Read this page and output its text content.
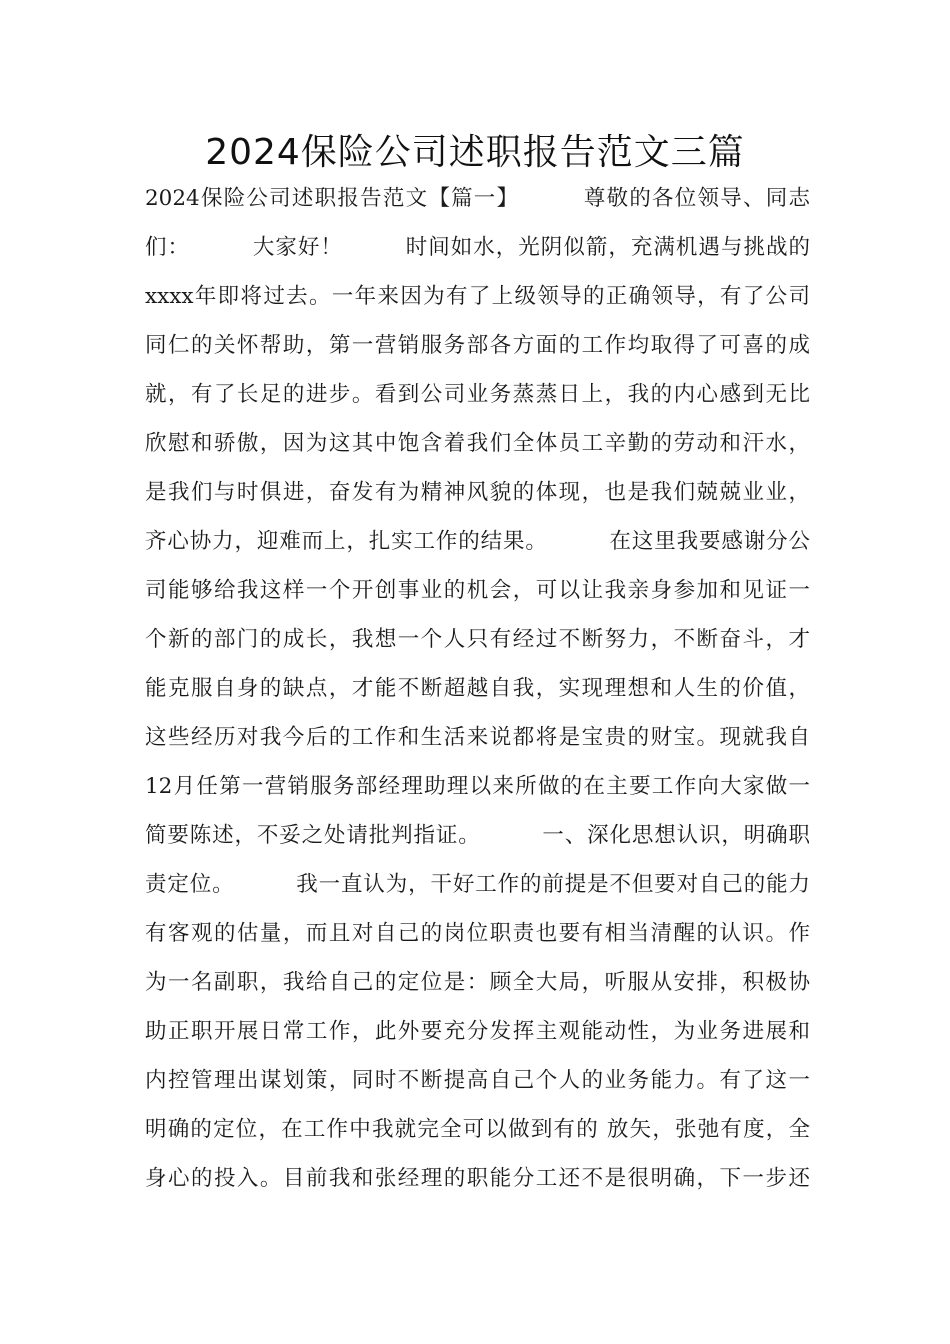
2024保险公司述职报告范文三篇

2024保险公司述职报告范文【篇一】        尊敬的各位领导、同志

们：        大家好！        时间如水，光阴似箭，充满机遇与挑战的

xxxx年即将过去。一年来因为有了上级领导的正确领导，有了公司

同仁的关怀帮助，第一营销服务部各方面的工作均取得了可喜的成

就，有了长足的进步。看到公司业务蒸蒸日上，我的内心感到无比

欣慰和骄傲，因为这其中饱含着我们全体员工辛勤的劳动和汗水，

是我们与时俱进，奋发有为精神风貌的体现，也是我们兢兢业业，

齐心协力，迎难而上，扎实工作的结果。        在这里我要感谢分公

司能够给我这样一个开创事业的机会，可以让我亲身参加和见证一

个新的部门的成长，我想一个人只有经过不断努力，不断奋斗，才

能克服自身的缺点，才能不断超越自我，实现理想和人生的价值，

这些经历对我今后的工作和生活来说都将是宝贵的财宝。现就我自

12月任第一营销服务部经理助理以来所做的在主要工作向大家做一

简要陈述，不妥之处请批判指证。        一、深化思想认识，明确职

责定位。        我一直认为，干好工作的前提是不但要对自己的能力

有客观的估量，而且对自己的岗位职责也要有相当清醒的认识。作

为一名副职，我给自己的定位是：顾全大局，听服从安排，积极协

助正职开展日常工作，此外要充分发挥主观能动性，为业务进展和

内控管理出谋划策，同时不断提高自己个人的业务能力。有了这一

明确的定位，在工作中我就完全可以做到有的 放矢，张弛有度，全

身心的投入。目前我和张经理的职能分工还不是很明确，下一步还
